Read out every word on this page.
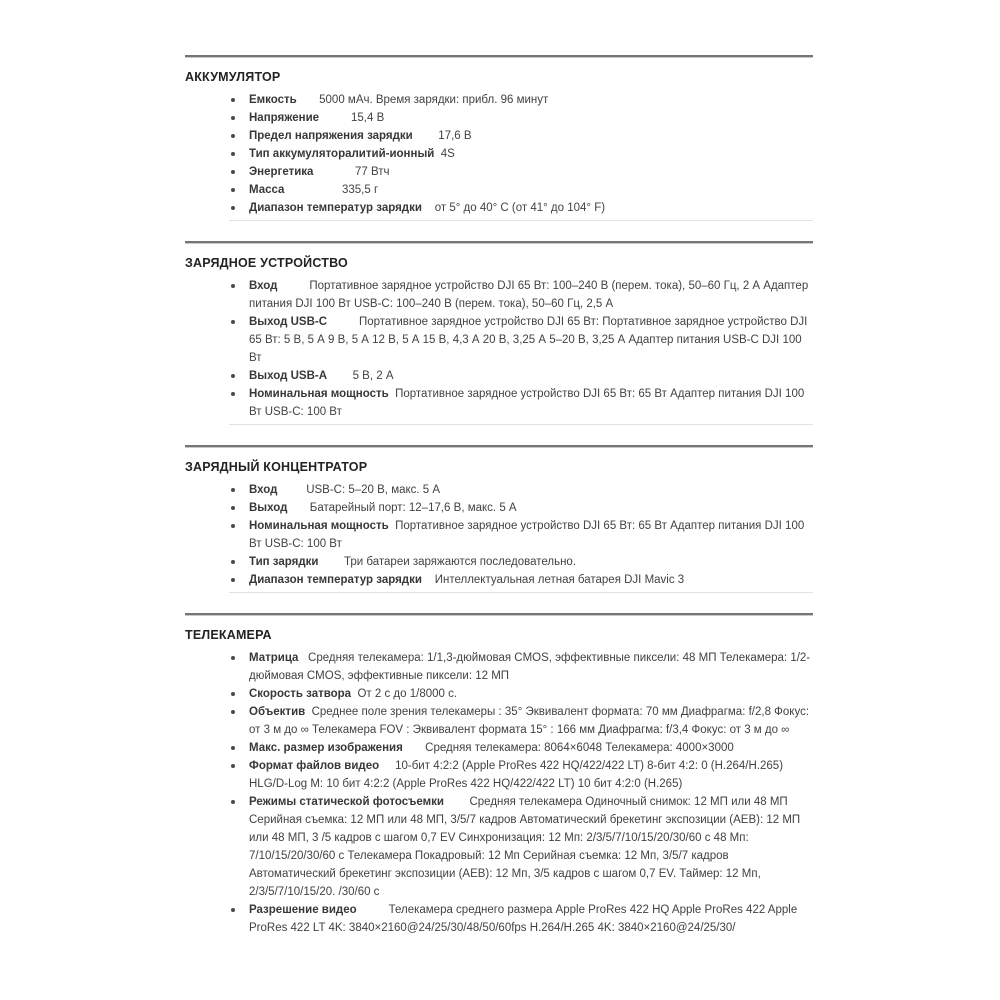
АККУМУЛЯТОР

Емкость       5000 мАч. Время зарядки: прибл. 96 минут

Напряжение          15,4 В

Предел напряжения зарядки        17,6 В

Тип аккумуляторалитий-ионный  4S

Энергетика             77 Втч

Масса                  335,5 г

Диапазон температур зарядки    от 5° до 40° C (от 41° до 104° F)

ЗАРЯДНОЕ УСТРОЙСТВО

Вход          Портативное зарядное устройство DJI 65 Вт: 100–240 В (перем. тока), 50–60 Гц, 2 А Адаптер питания DJI 100 Вт USB-C: 100–240 В (перем. тока), 50–60 Гц, 2,5 А

Выход USB-C          Портативное зарядное устройство DJI 65 Вт: Портативное зарядное устройство DJI 65 Вт: 5 В, 5 А 9 В, 5 А 12 В, 5 А 15 В, 4,3 А 20 В, 3,25 А 5–20 В, 3,25 А Адаптер питания USB-C DJI 100 Вт

Выход USB-A        5 В, 2 А

Номинальная мощность  Портативное зарядное устройство DJI 65 Вт: 65 Вт Адаптер питания DJI 100 Вт USB-C: 100 Вт

ЗАРЯДНЫЙ КОНЦЕНТРАТОР

Вход         USB-C: 5–20 В, макс. 5 А

Выход       Батарейный порт: 12–17,6 В, макс. 5 А

Номинальная мощность  Портативное зарядное устройство DJI 65 Вт: 65 Вт Адаптер питания DJI 100 Вт USB-C: 100 Вт

Тип зарядки        Три батареи заряжаются последовательно.

Диапазон температур зарядки    Интеллектуальная летная батарея DJI Mavic 3

ТЕЛЕКАМЕРА

Матрица   Средняя телекамера: 1/1,3-дюймовая CMOS, эффективные пиксели: 48 МП Телекамера: 1/2-дюймовая CMOS, эффективные пиксели: 12 МП

Скорость затвора  От 2 с до 1/8000 с.

Объектив  Среднее поле зрения телекамеры : 35° Эквивалент формата: 70 мм Диафрагма: f/2,8 Фокус: от 3 м до ∞ Телекамера FOV : Эквивалент формата 15° : 166 мм Диафрагма: f/3,4 Фокус: от 3 м до ∞

Макс. размер изображения       Средняя телекамера: 8064×6048 Телекамера: 4000×3000

Формат файлов видео     10-бит 4:2:2 (Apple ProRes 422 HQ/422/422 LT) 8-бит 4:2: 0 (H.264/H.265) HLG/D-Log M: 10 бит 4:2:2 (Apple ProRes 422 HQ/422/422 LT) 10 бит 4:2:0 (H.265)

Режимы статической фотосъемки        Средняя телекамера Одиночный снимок: 12 МП или 48 МП Серийная съемка: 12 МП или 48 МП, 3/5/7 кадров Автоматический брекетинг экспозиции (AEB): 12 МП или 48 МП, 3 /5 кадров с шагом 0,7 EV Синхронизация: 12 Мп: 2/3/5/7/10/15/20/30/60 с 48 Мп: 7/10/15/20/30/60 с Телекамера Покадровый: 12 Мп Серийная съемка: 12 Мп, 3/5/7 кадров Автоматический брекетинг экспозиции (AEB): 12 Мп, 3/5 кадров с шагом 0,7 EV. Таймер: 12 Мп, 2/3/5/7/10/15/20. /30/60 с

Разрешение видео          Телекамера среднего размера Apple ProRes 422 HQ Apple ProRes 422 Apple ProRes 422 LT 4K: 3840×2160@24/25/30/48/50/60fps H.264/H.265 4K: 3840×2160@24/25/30/
